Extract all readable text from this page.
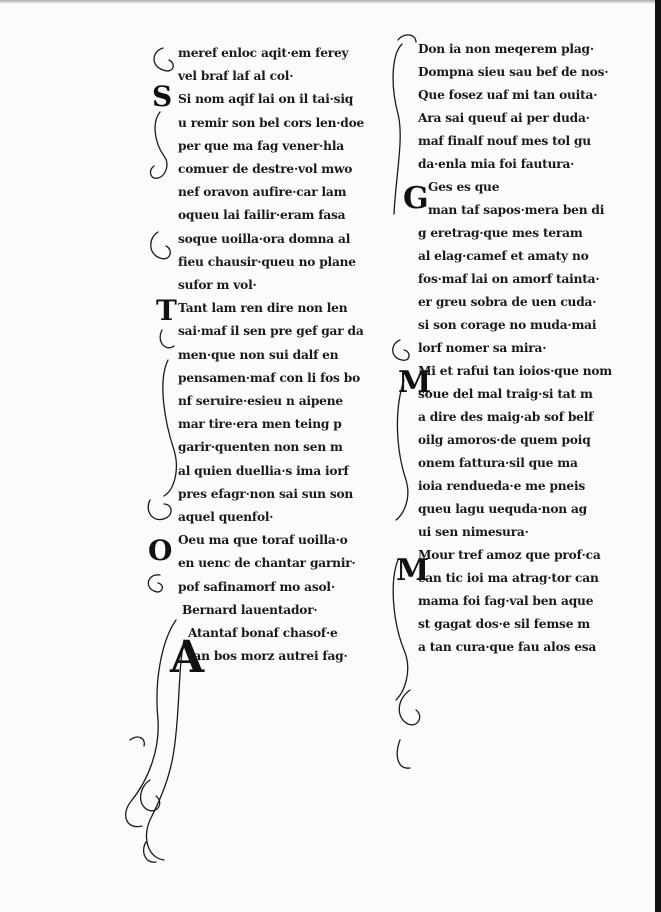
S
T
O
A
G
M
M
meref enloc aqit·em ferey
vel braf laf al col·
Si nom aqif lai on il tai·siq
u remir son bel cors len·doe
per que ma fag vener·hla
comuer de destre·vol mwo
nef oravon aufire·car lam
oqueu lai failir·eram fasa
soque uoilla·ora domna al
fieu chausir·queu no plane
sufor m vol·
Tant lam ren dire non len
sai·maf il sen pre gef gar da
men·que non sui dalf en
pensamen·maf con li fos bo
nf seruire·esieu n aipene
mar tire·era men teing p
garir·quenten non sen m
al quien duellia·s ima iorf
pres efagr·non sai sun son
aquel quenfol·
Oeu ma que toraf uoilla·o
en uenc de chantar garnir·
pof safinamorf mo asol·
Bernard lauentador·
Atantaf bonaf chasof·e
tan bos morz autrei fag·
Don ia non meqerem plag·
Dompna sieu sau bef de nos·
Que fosez uaf mi tan ouita·
Ara sai queuf ai per duda·
maf finalf nouf mes tol gu
da·enla mia foi fautura·
Ges es que
man taf sapos·mera ben di
g eretrag·que mes teram
al elag·camef et amaty no
fos·maf lai on amorf tainta·
er greu sobra de uen cuda·
si son corage no muda·mai
lorf nomer sa mira·
Mi et rafui tan ioios·que nom
soue del mal traig·si tat m
a dire des maig·ab sof belf
oilg amoros·de quem poiq
onem fattura·sil que ma
ioia rendueda·e me pneis
queu lagu uequda·non ag
ui sen nimesura·
Mour tref amoz que prof·ca
can tic ioi ma atrag·tor can
mama foi fag·val ben aque
st gagat dos·e sil femse m
a tan cura·que fau alos esa
